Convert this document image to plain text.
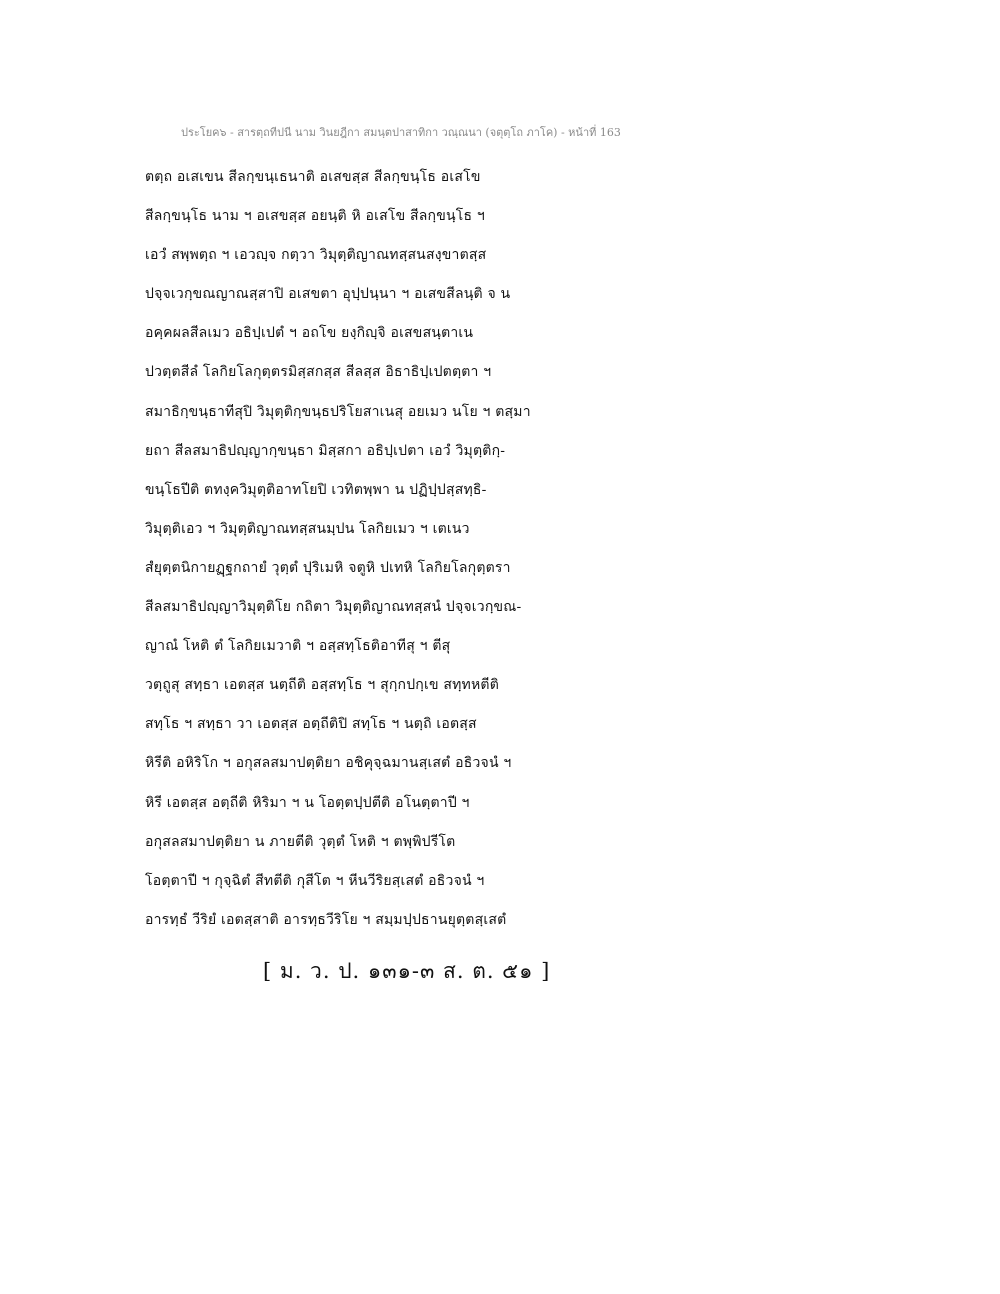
ประโยค๖ - สารตฺถทีปนี นาม วินยฎีกา สมนฺตปาสาทิกา วณฺณนา (จตุตฺโถ ภาโค) - หน้าที่ 163
ตตฺถ อเสเขน สีลกฺขนฺเธนาติ อเสขสฺส สีลกฺขนฺโธ อเสโข
สีลกฺขนฺโธ นาม ฯ อเสขสฺส อยนฺติ หิ อเสโข สีลกฺขนฺโธ ฯ
เอวํ สพฺพตฺถ ฯ เอวญฺจ กตฺวา วิมุตฺติญาณทสฺสนสงฺขาตสฺส
ปจฺจเวกฺขณญาณสฺสาปิ อเสขตา อุปฺปนฺนา ฯ อเสขสีลนฺติ จ น
อคฺคผลสีลเมว อธิปฺเปตํ ฯ อถโข ยงฺกิญฺจิ อเสขสนฺตาเน
ปวตฺตสีลํ โลกิยโลกุตฺตรมิสฺสกสฺส สีลสฺส อิธาธิปฺเปตตฺตา ฯ
สมาธิกฺขนฺธาทีสุปิ วิมุตฺติกฺขนฺธปริโยสาเนสุ อยเมว นโย ฯ ตสฺมา
ยถา สีลสมาธิปญฺญากฺขนฺธา มิสฺสกา อธิปฺเปตา เอวํ วิมุตฺติกฺ-
ขนฺโธปีติ ตทงฺควิมุตฺติอาทโยปิ เวทิตพฺพา น ปฏิปฺปสฺสทฺธิ-
วิมุตฺติเอว ฯ วิมุตฺติญาณทสฺสนมฺปน โลกิยเมว ฯ เตเนว
สํยุตฺตนิกายฏฺฐกถายํ วุตฺตํ ปุริเมหิ จตูหิ ปเทหิ โลกิยโลกุตฺตรา
สีลสมาธิปญฺญาวิมุตฺติโย กถิตา วิมุตฺติญาณทสฺสนํ ปจฺจเวกฺขณ-
ญาณํ โหติ ตํ โลกิยเมวาติ ฯ อสฺสทฺโธติอาทีสุ ฯ ตีสุ
วตฺถูสุ สทฺธา เอตสฺส นตฺถีติ อสฺสทฺโธ ฯ สุกฺกปกฺเข สทฺทหตีติ
สทฺโธ ฯ สทฺธา วา เอตสฺส อตฺถีติปิ สทฺโธ ฯ นตฺถิ เอตสฺส
หิรีติ อหิริโก ฯ อกุสลสมาปตฺติยา อชิคุจฺฉมานสฺเสตํ อธิวจนํ ฯ
หิรี เอตสฺส อตฺถีติ หิริมา ฯ น โอตฺตปฺปตีติ อโนตฺตาปี ฯ
อกุสลสมาปตฺติยา น ภายตีติ วุตฺตํ โหติ ฯ ตพฺพิปรีโต
โอตฺตาปี ฯ กุจฺฉิตํ สีทตีติ กุสีโต ฯ หีนวีริยสฺเสตํ อธิวจนํ ฯ
อารทฺธํ วีริยํ เอตสฺสาติ อารทฺธวีริโย ฯ สมฺมปฺปธานยุตฺตสฺเสตํ
[ ม. ว. ป. ๑๓๑-๓ ส. ต. ๕๑ ]
